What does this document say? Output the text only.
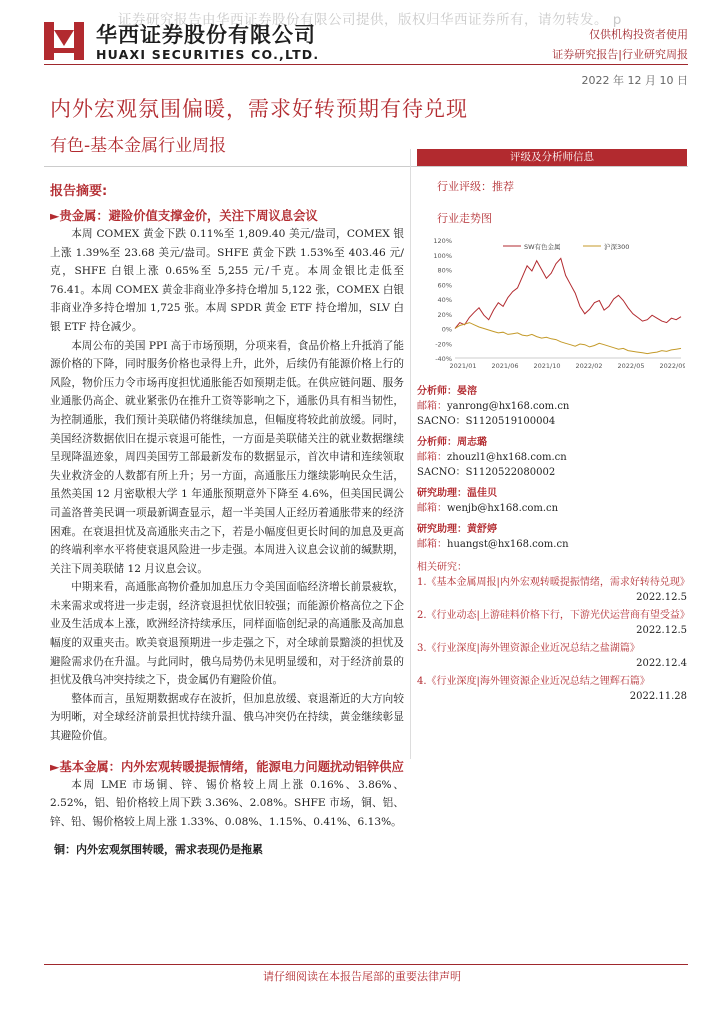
证券研究报告由华西证券股份有限公司提供，版权归华西证券所有，请勿转发。 p
华西证券股份有限公司
HUAXI SECURITIES CO.,LTD.
仅供机构投资者使用
证券研究报告|行业研究周报
2022 年 12 月 10 日
内外宏观氛围偏暖，需求好转预期有待兑现
有色-基本金属行业周报
报告摘要:
►贵金属：避险价值支撑金价，关注下周议息会议

本周 COMEX 黄金下跌 0.11%至 1,809.40 美元/盎司，COMEX 银上涨 1.39%至 23.68 美元/盎司。SHFE 黄金下跌 1.53%至 403.46 元/克，SHFE 白银上涨 0.65%至 5,255 元/千克。本周金银比走低至 76.41。本周 COMEX 黄金非商业净多持仓增加 5,122 张，COMEX 白银非商业净多持仓增加 1,725 张。本周 SPDR 黄金 ETF 持仓增加，SLV 白银 ETF 持仓减少。

本周公布的美国 PPI 高于市场预期，分项来看，食品价格上升抵消了能源价格的下降，同时服务价格也录得上升，此外，后续仍有能源价格上行的风险，物价压力令市场再度担忧通胀能否如预期走低。在供应链问题、服务业通胀仍高企、就业紧张仍在推升工资等影响之下，通胀仍具有相当韧性，为控制通胀，我们预计美联储仍将继续加息，但幅度将较此前放缓。同时，美国经济数据依旧在提示衰退可能性，一方面是美联储关注的就业数据继续呈现降温迹象，周四美国劳工部最新发布的数据显示，首次申请和连续领取失业救济金的人数都有所上升；另一方面，高通胀压力继续影响民众生活，虽然美国 12 月密歇根大学 1 年通胀预期意外下降至 4.6%，但美国民调公司盖洛普美民调一项最新调查显示，超一半美国人正经历着通胀带来的经济困难。在衰退担忧及高通胀夹击之下，若是小幅度但更长时间的加息及更高的终端利率水平将使衰退风险进一步走强。本周进入议息会议前的缄默期，关注下周美联储 12 月议息会议。

中期来看，高通胀高物价叠加加息压力令美国面临经济增长前景疲软，未来需求或将进一步走弱，经济衰退担忧依旧较强；而能源价格高位之下企业及生活成本上涨，欧洲经济持续承压，同样面临创纪录的高通胀及高加息幅度的双重夹击。欧美衰退预期进一步走强之下，对全球前景黯淡的担忧及避险需求仍在升温。与此同时，俄乌局势仍未见明显缓和，对于经济前景的担忧及俄乌冲突持续之下，贵金属仍有避险价值。

整体而言，虽短期数据或存在波折，但加息放缓、衰退渐近的大方向较为明晰，对全球经济前景担忧持续升温、俄乌冲突仍在持续，黄金继续彰显其避险价值。

►基本金属：内外宏观转暖提振情绪，能源电力问题扰动铝锌供应

本周 LME 市场铜、锌、锡价格较上周上涨 0.16%、3.86%、2.52%，铝、铅价格较上周下跌 3.36%、2.08%。SHFE 市场，铜、铝、锌、铅、锡价格较上周上涨 1.33%、0.08%、1.15%、0.41%、6.13%。

铜：内外宏观氛围转暖，需求表现仍是拖累
评级及分析师信息
行业评级：推荐
行业走势图
120%
100%
80%
60%
40%
20%
0%
-20%
-40%
2021/01 2021/06 2021/10 2022/02 2022/05 2022/09
SW有色金属	沪深300
分析师：晏溶
邮箱：yanrong@hx168.com.cn
SACNO：S1120519100004
分析师：周志璐
邮箱：zhouzl1@hx168.com.cn
SACNO：S1120522080002
研究助理：温佳贝
邮箱：wenjb@hx168.com.cn
研究助理：黄舒婷
邮箱：huangst@hx168.com.cn
相关研究：
1.《基本金属周报|内外宏观转暖提振情绪，需求好转待兑现》
2022.12.5
2.《行业动态|上游硅料价格下行，下游光伏运营商有望受益》
2022.12.5
3.《行业深度|海外锂资源企业近况总结之盐湖篇》
2022.12.4
4.《行业深度|海外锂资源企业近况总结之锂辉石篇》
2022.11.28
请仔细阅读在本报告尾部的重要法律声明
